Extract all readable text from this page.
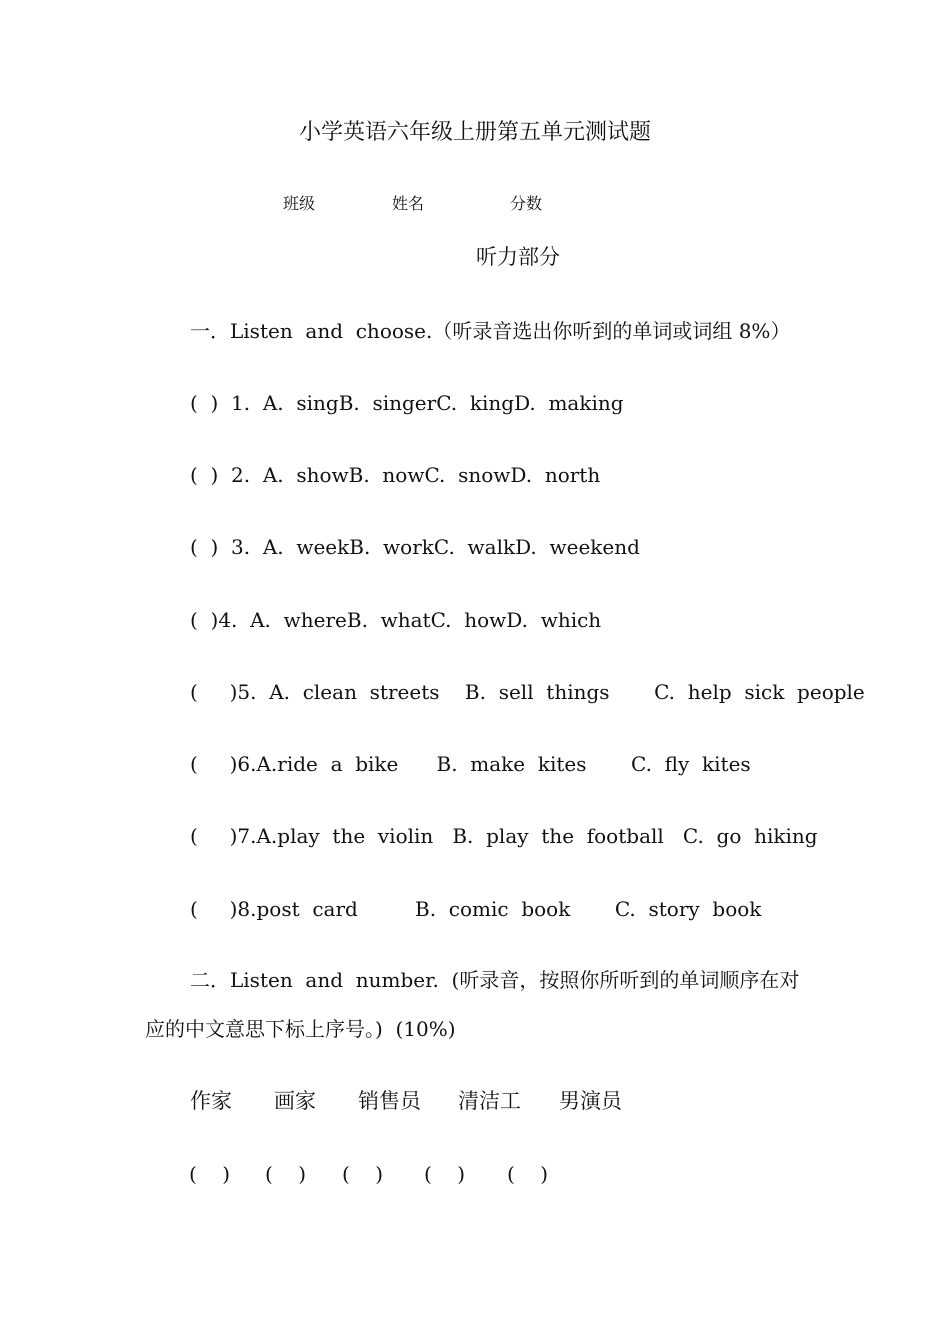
小学英语六年级上册第五单元测试题
班级	姓名	分数
听力部分
一．Listen  and  choose.（听录音选出你听到的单词或词组 8%）
(  )  1.  A.  singB.  singerC.  kingD.  making
(  )  2.  A.  showB.  nowC.  snowD.  north
(  )  3.  A.  weekB.  workC.  walkD.  weekend
(  )4.  A.  whereB.  whatC.  howD.  which
(     )5.  A.  clean  streets    B.  sell  things       C.  help  sick  people
(     )6.A.ride  a  bike      B.  make  kites       C.  fly  kites
(     )7.A.play  the  violin   B.  play  the  football   C.  go  hiking
(     )8.post  card         B.  comic  book       C.  story  book
二．Listen  and  number.  (听录音，按照你所听到的单词顺序在对
应的中文意思下标上序号。)  (10%)
作家 画家 销售员 清洁工 男演员
(    ) (    ) (    ) (    ) (    )
